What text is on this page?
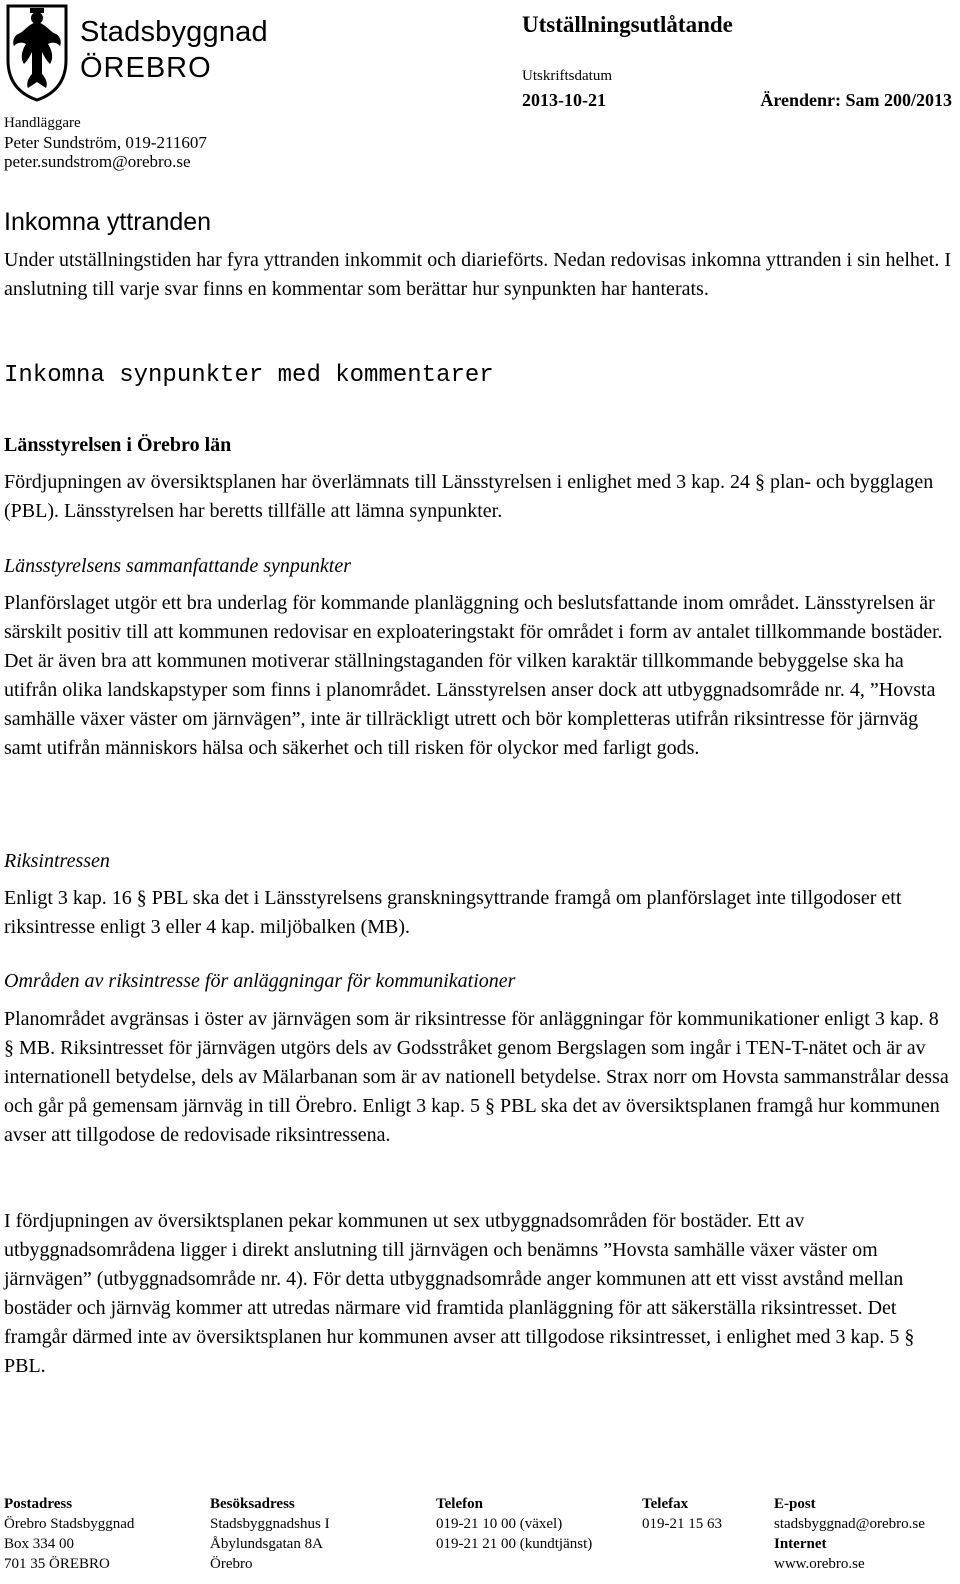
Stadsbyggnad
ÖREBRO
Handläggare
Peter Sundström, 019-211607
peter.sundstrom@orebro.se
Utställningsutlåtande
Utskriftsdatum
2013-10-21	Ärendenr: Sam 200/2013
Inkomna yttranden

Under utställningstiden har fyra yttranden inkommit och diarieförts. Nedan redovisas inkomna yttranden i sin helhet. I anslutning till varje svar finns en kommentar som berättar hur synpunkten har hanterats.

Inkomna synpunkter med kommentarer
Länsstyrelsen i Örebro län

Fördjupningen av översiktsplanen har överlämnats till Länsstyrelsen i enlighet med 3 kap. 24 § plan- och bygglagen (PBL). Länsstyrelsen har beretts tillfälle att lämna synpunkter.

Länsstyrelsens sammanfattande synpunkter

Planförslaget utgör ett bra underlag för kommande planläggning och beslutsfattande inom området. Länsstyrelsen är särskilt positiv till att kommunen redovisar en exploateringstakt för området i form av antalet tillkommande bostäder. Det är även bra att kommunen motiverar ställningstaganden för vilken karaktär tillkommande bebyggelse ska ha utifrån olika landskapstyper som finns i planområdet. Länsstyrelsen anser dock att utbyggnadsområde nr. 4, ”Hovsta samhälle växer väster om järnvägen”, inte är tillräckligt utrett och bör kompletteras utifrån riksintresse för järnväg samt utifrån människors hälsa och säkerhet och till risken för olyckor med farligt gods.

Riksintressen

Enligt 3 kap. 16 § PBL ska det i Länsstyrelsens granskningsyttrande framgå om planförslaget inte tillgodoser ett riksintresse enligt 3 eller 4 kap. miljöbalken (MB).

Områden av riksintresse för anläggningar för kommunikationer

Planområdet avgränsas i öster av järnvägen som är riksintresse för anläggningar för kommunikationer enligt 3 kap. 8 § MB. Riksintresset för järnvägen utgörs dels av Godsstråket genom Bergslagen som ingår i TEN-T-nätet och är av internationell betydelse, dels av Mälarbanan som är av nationell betydelse. Strax norr om Hovsta sammanstrålar dessa och går på gemensam järnväg in till Örebro. Enligt 3 kap. 5 § PBL ska det av översiktsplanen framgå hur kommunen avser att tillgodose de redovisade riksintressena.

I fördjupningen av översiktsplanen pekar kommunen ut sex utbyggnadsområden för bostäder. Ett av utbyggnadsområdena ligger i direkt anslutning till järnvägen och benämns ”Hovsta samhälle växer väster om järnvägen” (utbyggnadsområde nr. 4). För detta utbyggnadsområde anger kommunen att ett visst avstånd mellan bostäder och järnväg kommer att utredas närmare vid framtida planläggning för att säkerställa riksintresset. Det framgår därmed inte av översiktsplanen hur kommunen avser att tillgodose riksintresset, i enlighet med 3 kap. 5 § PBL.

Postadress
Örebro Stadsbyggnad
Box 334 00
701 35 ÖREBRO
Besöksadress
Stadsbyggnadshus I
Åbylundsgatan 8A
Örebro
Telefon
019-21 10 00 (växel)
019-21 21 00 (kundtjänst)
Telefax
019-21 15 63
E-post
stadsbyggnad@orebro.se
Internet
www.orebro.se
